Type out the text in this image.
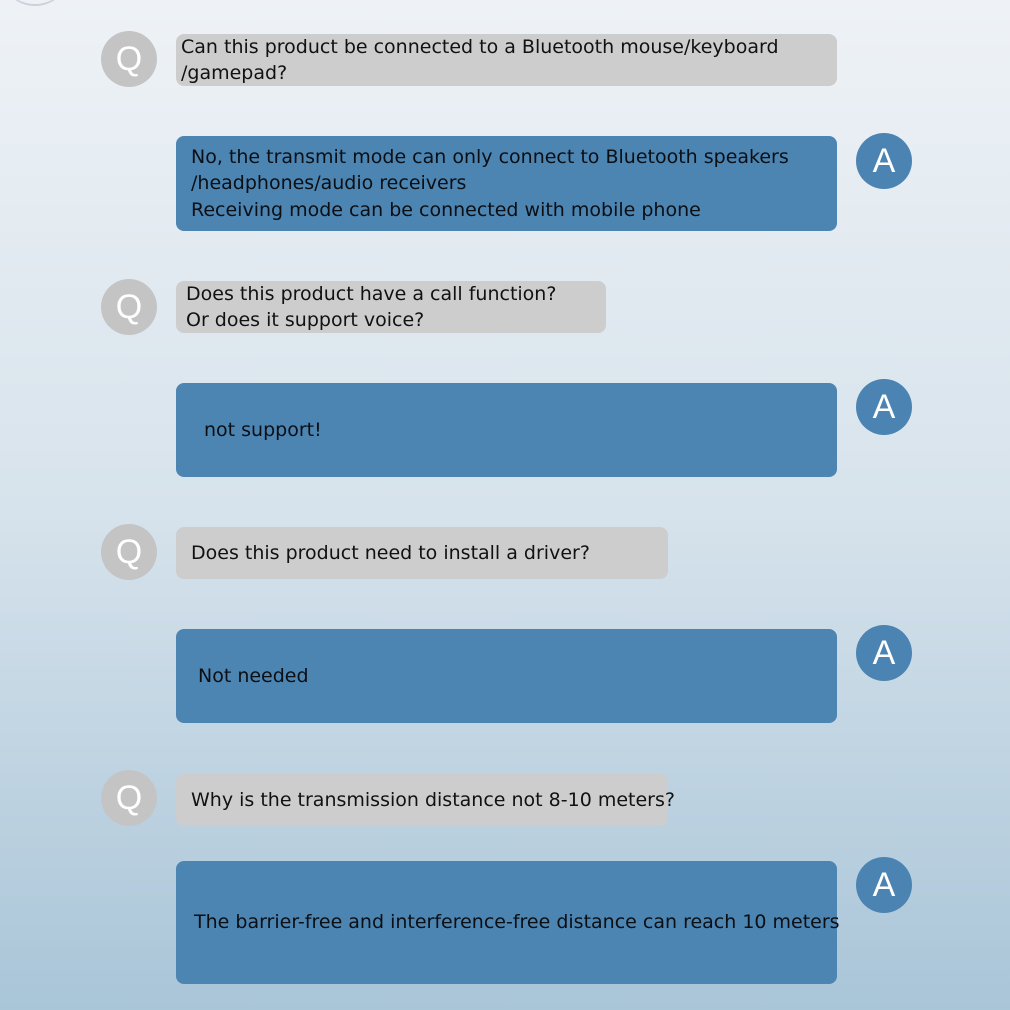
Q Can this product be connected to a Bluetooth mouse/keyboard
/gamepad?
No, the transmit mode can only connect to Bluetooth speakers
/headphones/audio receivers
Receiving mode can be connected with mobile phone
A
Q Does this product have a call function?
Or does it support voice?
not support!
A
Q	Does this product need to install a driver?
Not needed
A
Q	Why is the transmission distance not 8-10 meters?
The barrier-free and interference-free distance can reach 10 meters
A
